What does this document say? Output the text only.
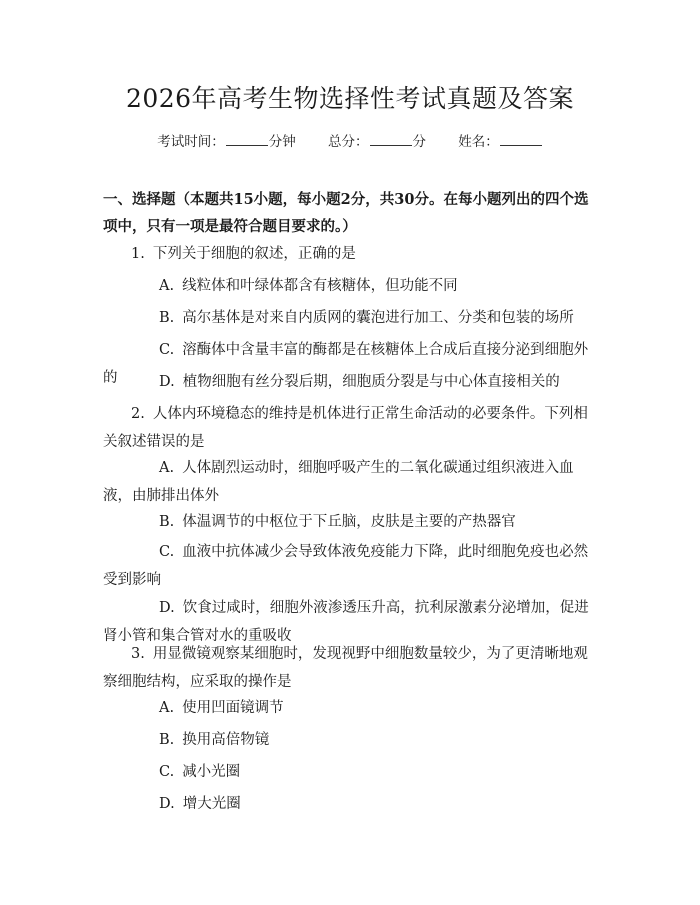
2026年高考生物选择性考试真题及答案
考试时间：	分钟 总分：	分 姓名：
一、选择题（本题共15小题，每小题2分，共30分。在每小题列出的四个选项中，只有一项是最符合题目要求的。）
1. 下列关于细胞的叙述，正确的是
A. 线粒体和叶绿体都含有核糖体，但功能不同
B. 高尔基体是对来自内质网的囊泡进行加工、分类和包装的场所
C. 溶酶体中含量丰富的酶都是在核糖体上合成后直接分泌到细胞外的	D. 植物细胞有丝分裂后期，细胞质分裂是与中心体直接相关的
2. 人体内环境稳态的维持是机体进行正常生命活动的必要条件。下列相关叙述错误的是
A. 人体剧烈运动时，细胞呼吸产生的二氧化碳通过组织液进入血液，由肺排出体外
B. 体温调节的中枢位于下丘脑，皮肤是主要的产热器官
C. 血液中抗体减少会导致体液免疫能力下降，此时细胞免疫也必然受到影响
D. 饮食过咸时，细胞外液渗透压升高，抗利尿激素分泌增加，促进肾小管和集合管对水的重吸收
3. 用显微镜观察某细胞时，发现视野中细胞数量较少，为了更清晰地观察细胞结构，应采取的操作是
A. 使用凹面镜调节
B. 换用高倍物镜
C. 减小光圈
D. 增大光圈
